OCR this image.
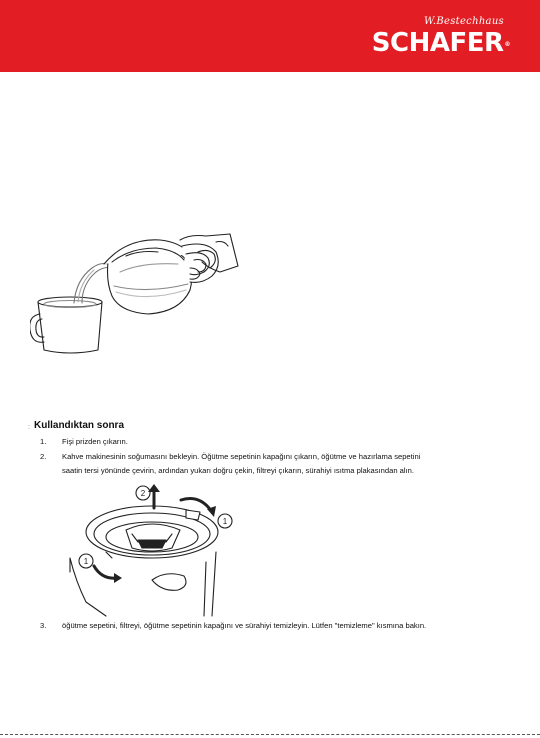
W.Bestechhaus
SCHAFER®
: Kullandıktan sonra
1.	Fişi prizden çıkarın.
2.	Kahve makinesinin soğumasını bekleyin. Öğütme sepetinin kapağını çıkarın, öğütme ve hazırlama sepetini
saatin tersi yönünde çevirin, ardından yukarı doğru çekin, filtreyi çıkarın, sürahiyi ısıtma plakasından alın.
2
1
1
3.	öğütme sepetini, filtreyi, öğütme sepetinin kapağını ve sürahiyi temizleyin. Lütfen "temizleme" kısmına bakın.
